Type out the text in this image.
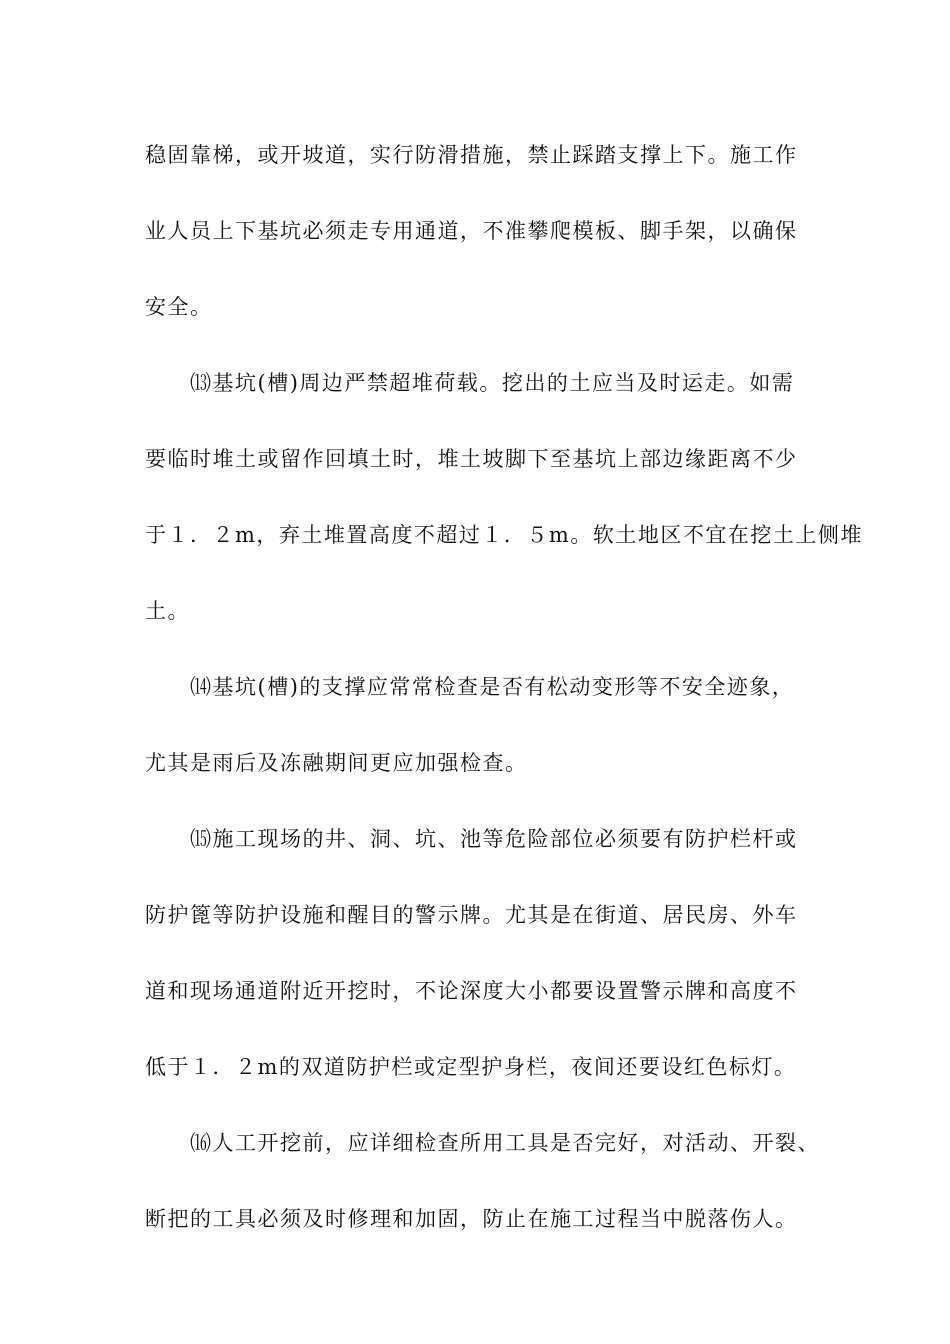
稳固靠梯，或开坡道，实行防滑措施，禁止踩踏支撑上下。施工作
业人员上下基坑必须走专用通道，不准攀爬模板、脚手架，以确保
安全。
　　⒀基坑(槽)周边严禁超堆荷载。挖出的土应当及时运走。如需
要临时堆土或留作回填土时，堆土坡脚下至基坑上部边缘距离不少
于１．２m，弃土堆置高度不超过１．５m。软土地区不宜在挖土上侧堆
土。
　　⒁基坑(槽)的支撑应常常检查是否有松动变形等不安全迹象，
尤其是雨后及冻融期间更应加强检查。
　　⒂施工现场的井、洞、坑、池等危险部位必须要有防护栏杆或
防护篦等防护设施和醒目的警示牌。尤其是在街道、居民房、外车
道和现场通道附近开挖时，不论深度大小都要设置警示牌和高度不
低于１．２m的双道防护栏或定型护身栏，夜间还要设红色标灯。
　　⒃人工开挖前，应详细检查所用工具是否完好，对活动、开裂、
断把的工具必须及时修理和加固，防止在施工过程当中脱落伤人。
